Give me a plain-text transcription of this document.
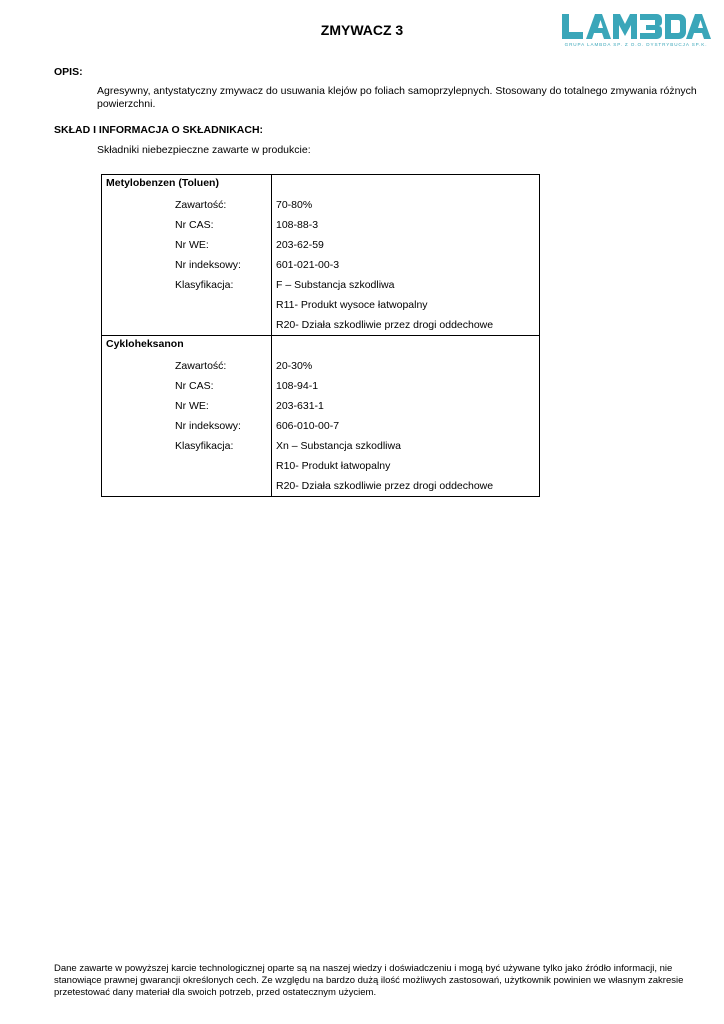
ZMYWACZ 3
GRUPA LAMBDA SP. Z O.O. DYSTRYBUCJA SP.K.
OPIS:
Agresywny, antystatyczny zmywacz do usuwania klejów po foliach samoprzylepnych. Stosowany do totalnego zmywania różnych powierzchni.
SKŁAD I INFORMACJA O SKŁADNIKACH:
Składniki niebezpieczne zawarte w produkcie:
Metylobenzen (Toluen)	
Zawartość:	70-80%
Nr CAS:	108-88-3
Nr WE:	203-62-59
Nr indeksowy:	601-021-00-3
Klasyfikacja:	F – Substancja szkodliwa
	R11- Produkt wysoce łatwopalny
	R20- Działa szkodliwie przez drogi oddechowe
Cykloheksanon	
Zawartość:	20-30%
Nr CAS:	108-94-1
Nr WE:	203-631-1
Nr indeksowy:	606-010-00-7
Klasyfikacja:	Xn – Substancja szkodliwa
	R10- Produkt łatwopalny
	R20- Działa szkodliwie przez drogi oddechowe
Dane zawarte w powyższej karcie technologicznej oparte są na naszej wiedzy i doświadczeniu i mogą być używane tylko jako źródło informacji, nie stanowiące prawnej gwarancji określonych cech. Ze względu na bardzo dużą ilość możliwych zastosowań, użytkownik powinien we własnym zakresie przetestować dany materiał dla swoich potrzeb, przed ostatecznym użyciem.
